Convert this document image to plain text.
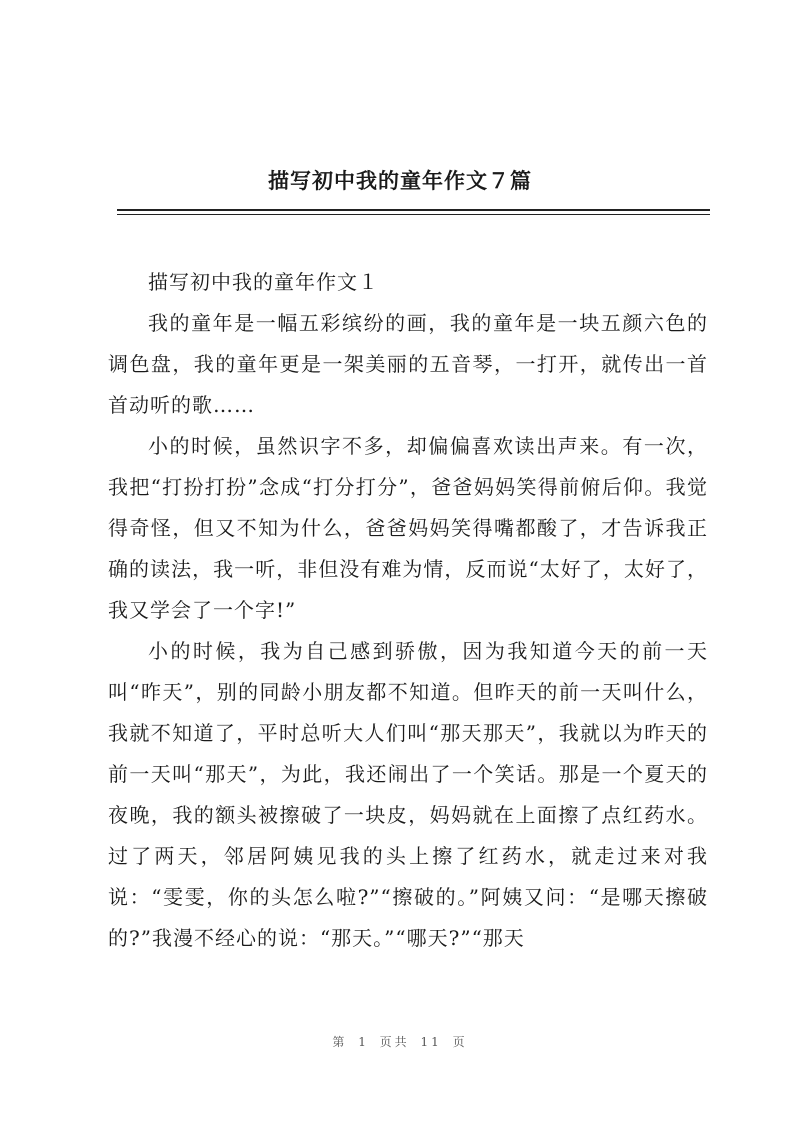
描写初中我的童年作文７篇

描写初中我的童年作文１

我的童年是一幅五彩缤纷的画，我的童年是一块五颜六色的调色盘，我的童年更是一架美丽的五音琴，一打开，就传出一首首动听的歌……

小的时候，虽然识字不多，却偏偏喜欢读出声来。有一次，我把“打扮打扮”念成“打分打分”，爸爸妈妈笑得前俯后仰。我觉得奇怪，但又不知为什么，爸爸妈妈笑得嘴都酸了，才告诉我正确的读法，我一听，非但没有难为情，反而说“太好了，太好了，我又学会了一个字!”

小的时候，我为自己感到骄傲，因为我知道今天的前一天叫“昨天”，别的同龄小朋友都不知道。但昨天的前一天叫什么，我就不知道了，平时总听大人们叫“那天那天”，我就以为昨天的前一天叫“那天”，为此，我还闹出了一个笑话。那是一个夏天的夜晚，我的额头被擦破了一块皮，妈妈就在上面擦了点红药水。过了两天，邻居阿姨见我的头上擦了红药水，就走过来对我说：“雯雯，你的头怎么啦?”“擦破的。”阿姨又问：“是哪天擦破的?”我漫不经心的说：“那天。”“哪天?”“那天

第 1 页共 11 页
